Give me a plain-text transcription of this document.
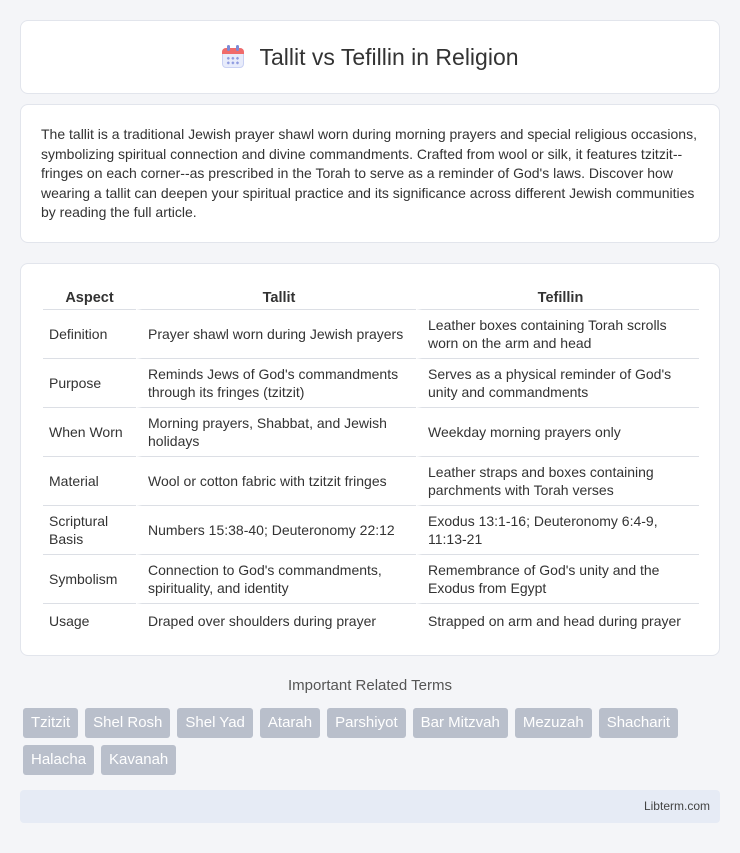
Tallit vs Tefillin in Religion

The tallit is a traditional Jewish prayer shawl worn during morning prayers and special religious occasions, symbolizing spiritual connection and divine commandments. Crafted from wool or silk, it features tzitzit--fringes on each corner--as prescribed in the Torah to serve as a reminder of God's laws. Discover how wearing a tallit can deepen your spiritual practice and its significance across different Jewish communities by reading the full article.

Aspect	Tallit	Tefillin
Definition	Prayer shawl worn during Jewish prayers	Leather boxes containing Torah scrolls worn on the arm and head
Purpose	Reminds Jews of God's commandments through its fringes (tzitzit)	Serves as a physical reminder of God's unity and commandments
When Worn	Morning prayers, Shabbat, and Jewish holidays	Weekday morning prayers only
Material	Wool or cotton fabric with tzitzit fringes	Leather straps and boxes containing parchments with Torah verses
Scriptural Basis	Numbers 15:38-40; Deuteronomy 22:12	Exodus 13:1-16; Deuteronomy 6:4-9, 11:13-21
Symbolism	Connection to God's commandments, spirituality, and identity	Remembrance of God's unity and the Exodus from Egypt
Usage	Draped over shoulders during prayer	Strapped on arm and head during prayer
Important Related Terms
Tzitzit	Shel Rosh	Shel Yad	Atarah	Parshiyot	Bar Mitzvah	Mezuzah	Shacharit
Halacha	Kavanah
Libterm.com
